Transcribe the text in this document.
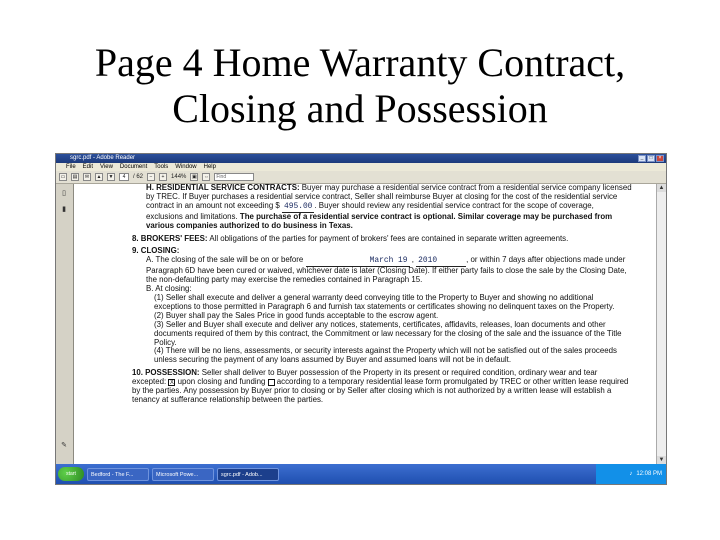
Page 4 Home Warranty Contract,
Closing and Possession
sgrc.pdf - Adobe Reader	_	□	×
File Edit View Document Tools Window Help
▭	▤	✉	▲	▼	4	/ 62	−	+	144%	▣	⇔	Find
▯
▮
✎

H. RESIDENTIAL SERVICE CONTRACTS: Buyer may purchase a residential service contract from a residential service company licensed by TREC. If Buyer purchases a residential service contract, Seller shall reimburse Buyer at closing for the cost of the residential service contract in an amount not exceeding $ 495.00 . Buyer should review any residential service contract for the scope of coverage, exclusions and limitations. The purchase of a residential service contract is optional. Similar coverage may be purchased from various companies authorized to do business in Texas.

8. BROKERS' FEES: All obligations of the parties for payment of brokers' fees are contained in separate written agreements.

9. CLOSING:

A. The closing of the sale will be on or before	March 19 , 2010	, or within 7 days after objections made under Paragraph 6D have been cured or waived, whichever date is later (Closing Date). If either party fails to close the sale by the Closing Date, the non-defaulting party may exercise the remedies contained in Paragraph 15.

B. At closing:

(1) Seller shall execute and deliver a general warranty deed conveying title to the Property to Buyer and showing no additional exceptions to those permitted in Paragraph 6 and furnish tax statements or certificates showing no delinquent taxes on the Property.

(2) Buyer shall pay the Sales Price in good funds acceptable to the escrow agent.

(3) Seller and Buyer shall execute and deliver any notices, statements, certificates, affidavits, releases, loan documents and other documents required of them by this contract, the Commitment or law necessary for the closing of the sale and the issuance of the Title Policy.

(4) There will be no liens, assessments, or security interests against the Property which will not be satisfied out of the sales proceeds unless securing the payment of any loans assumed by Buyer and assumed loans will not be in default.

10. POSSESSION: Seller shall deliver to Buyer possession of the Property in its present or required condition, ordinary wear and tear excepted: X upon closing and funding according to a temporary residential lease form promulgated by TREC or other written lease required by the parties. Any possession by Buyer prior to closing or by Seller after closing which is not authorized by a written lease will establish a tenancy at sufferance relationship between the parties.

▲
▼
start	Bedford - The F...	Microsoft Powe...	sgrc.pdf - Adob...	♪ 12:08 PM
